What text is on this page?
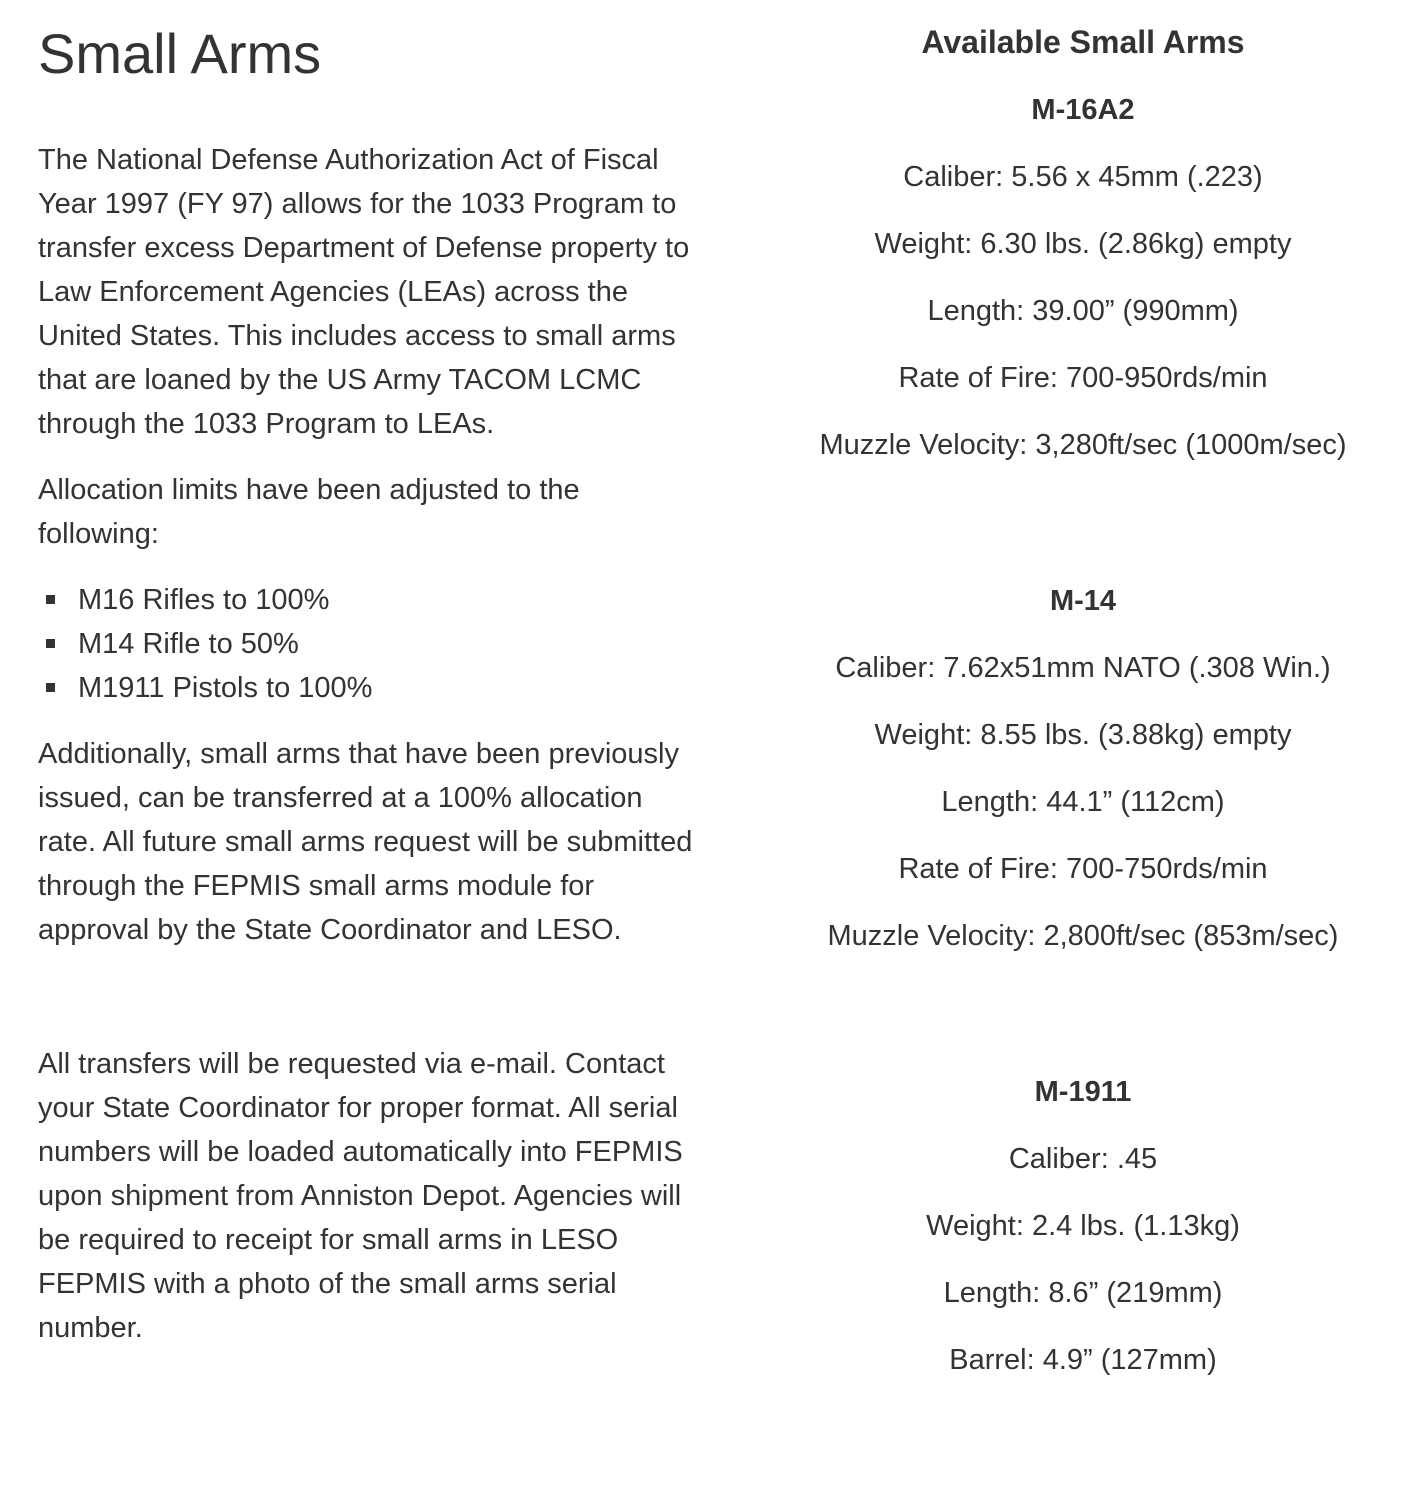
Small Arms

The National Defense Authorization Act of Fiscal Year 1997 (FY 97) allows for the 1033 Program to transfer excess Department of Defense property to Law Enforcement Agencies (LEAs) across the United States. This includes access to small arms that are loaned by the US Army TACOM LCMC through the 1033 Program to LEAs.

Allocation limits have been adjusted to the following:

M16 Rifles to 100%
M14 Rifle to 50%
M1911 Pistols to 100%

Additionally, small arms that have been previously issued, can be transferred at a 100% allocation rate. All future small arms request will be submitted through the FEPMIS small arms module for approval by the State Coordinator and LESO.

All transfers will be requested via e-mail. Contact your State Coordinator for proper format. All serial numbers will be loaded automatically into FEPMIS upon shipment from Anniston Depot. Agencies will be required to receipt for small arms in LESO FEPMIS with a photo of the small arms serial number.

Available Small Arms
M-16A2
Caliber: 5.56 x 45mm (.223)
Weight: 6.30 lbs. (2.86kg) empty
Length: 39.00” (990mm)
Rate of Fire: 700-950rds/min
Muzzle Velocity: 3,280ft/sec (1000m/sec)
M-14
Caliber: 7.62x51mm NATO (.308 Win.)
Weight: 8.55 lbs. (3.88kg) empty
Length: 44.1” (112cm)
Rate of Fire: 700-750rds/min
Muzzle Velocity: 2,800ft/sec (853m/sec)
M-1911
Caliber: .45
Weight: 2.4 lbs. (1.13kg)
Length: 8.6” (219mm)
Barrel: 4.9” (127mm)
